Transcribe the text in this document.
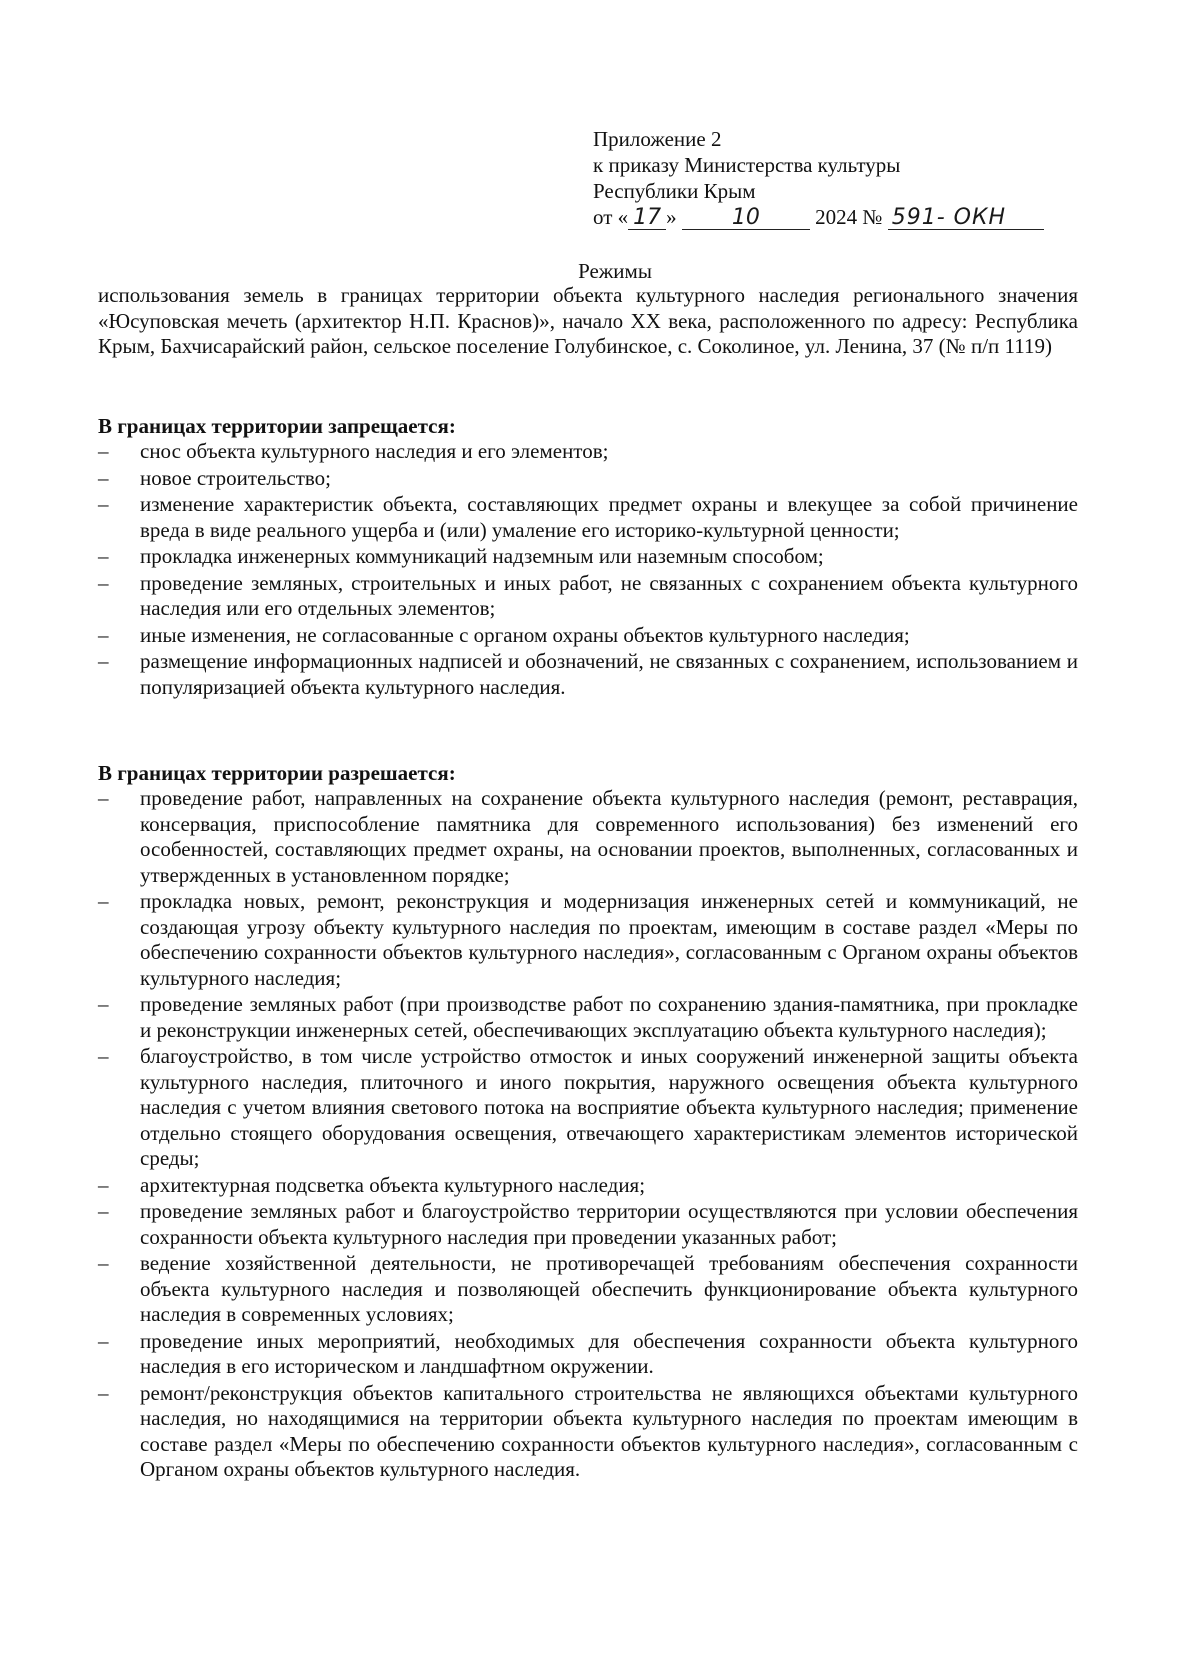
Приложение 2
к приказу Министерства культуры
Республики Крым
от « 17 »	10	2024 № 591- ОКН
Режимы
использования земель в границах территории объекта культурного наследия регионального значения «Юсуповская мечеть (архитектор Н.П. Краснов)», начало XX века, расположенного по адресу: Республика Крым, Бахчисарайский район, сельское поселение Голубинское, с. Соколиное, ул. Ленина, 37 (№ п/п 1119)
В границах территории запрещается:
– снос объекта культурного наследия и его элементов;
– новое строительство;
– изменение характеристик объекта, составляющих предмет охраны и влекущее за собой причинение вреда в виде реального ущерба и (или) умаление его историко-культурной ценности;
– прокладка инженерных коммуникаций надземным или наземным способом;
– проведение земляных, строительных и иных работ, не связанных с сохранением объекта культурного наследия или его отдельных элементов;
– иные изменения, не согласованные с органом охраны объектов культурного наследия;
– размещение информационных надписей и обозначений, не связанных с сохранением, использованием и популяризацией объекта культурного наследия.
В границах территории разрешается:
– проведение работ, направленных на сохранение объекта культурного наследия (ремонт, реставрация, консервация, приспособление памятника для современного использования) без изменений его особенностей, составляющих предмет охраны, на основании проектов, выполненных, согласованных и утвержденных в установленном порядке;
– прокладка новых, ремонт, реконструкция и модернизация инженерных сетей и коммуникаций, не создающая угрозу объекту культурного наследия по проектам, имеющим в составе раздел «Меры по обеспечению сохранности объектов культурного наследия», согласованным с Органом охраны объектов культурного наследия;
– проведение земляных работ (при производстве работ по сохранению здания-памятника, при прокладке и реконструкции инженерных сетей, обеспечивающих эксплуатацию объекта культурного наследия);
– благоустройство, в том числе устройство отмосток и иных сооружений инженерной защиты объекта культурного наследия, плиточного и иного покрытия, наружного освещения объекта культурного наследия с учетом влияния светового потока на восприятие объекта культурного наследия; применение отдельно стоящего оборудования освещения, отвечающего характеристикам элементов исторической среды;
– архитектурная подсветка объекта культурного наследия;
– проведение земляных работ и благоустройство территории осуществляются при условии обеспечения сохранности объекта культурного наследия при проведении указанных работ;
– ведение хозяйственной деятельности, не противоречащей требованиям обеспечения сохранности объекта культурного наследия и позволяющей обеспечить функционирование объекта культурного наследия в современных условиях;
– проведение иных мероприятий, необходимых для обеспечения сохранности объекта культурного наследия в его историческом и ландшафтном окружении.
– ремонт/реконструкция объектов капитального строительства не являющихся объектами культурного наследия, но находящимися на территории объекта культурного наследия по проектам имеющим в составе раздел «Меры по обеспечению сохранности объектов культурного наследия», согласованным с Органом охраны объектов культурного наследия.
